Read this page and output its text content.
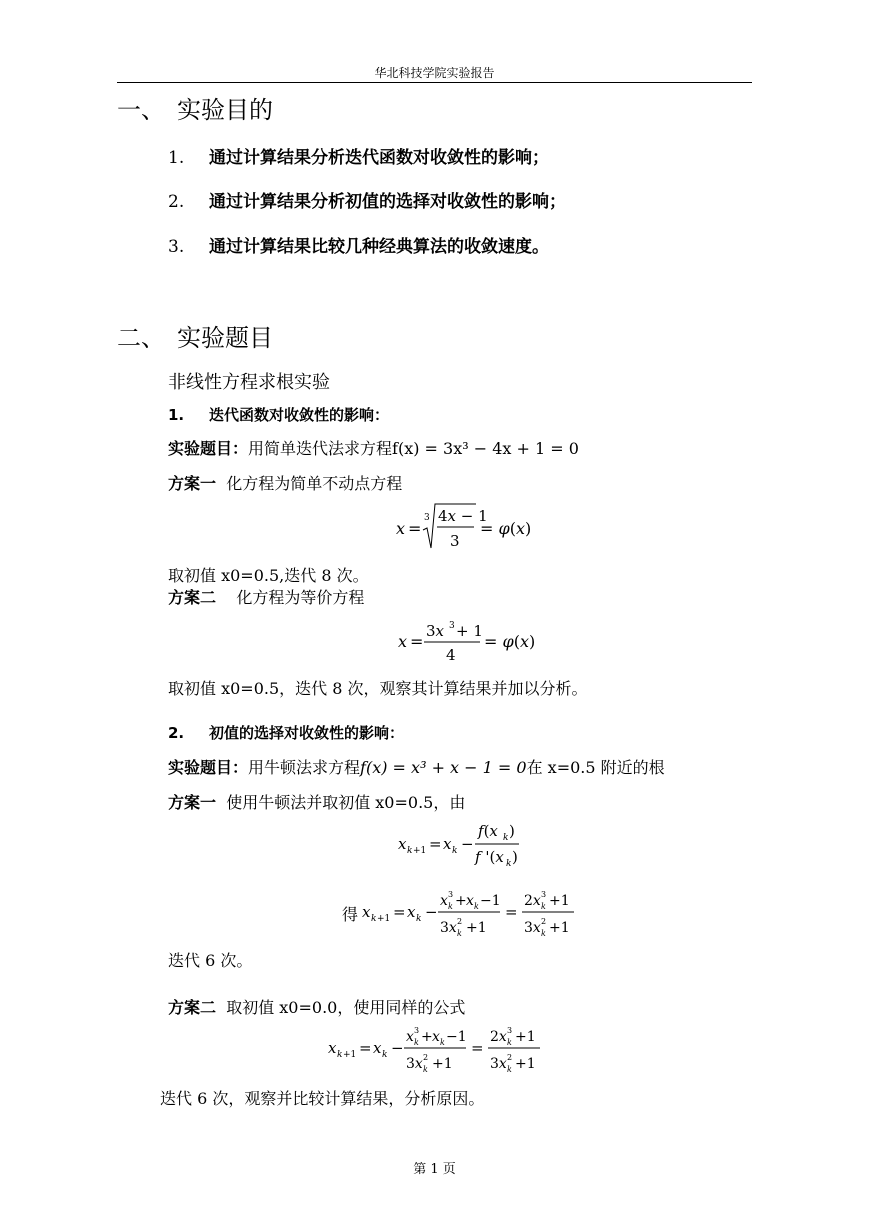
华北科技学院实验报告
一、 实验目的
1. 通过计算结果分析迭代函数对收敛性的影响；
2. 通过计算结果分析初值的选择对收敛性的影响；
3. 通过计算结果比较几种经典算法的收敛速度。
二、 实验题目
非线性方程求根实验
1. 迭代函数对收敛性的影响：
实验题目：用简单迭代法求方程f(x) = 3x³ − 4x + 1 = 0
方案一 化方程为简单不动点方程
x =
3 4x − 1
3
= φ(x)
取初值 x0=0.5,迭代 8 次。
方案二 化方程为等价方程
x =
3x 3 + 1
4
= φ(x)
取初值 x0=0.5，迭代 8 次，观察其计算结果并加以分析。
2. 初值的选择对收敛性的影响：
实验题目：用牛顿法求方程f(x) = x³ + x − 1 = 0在 x=0.5 附近的根
方案一 使用牛顿法并取初值 x0=0.5，由
x k +1 = x k −
f(x k )
f '(x k )
得 x k +1 = x k −
x 3
k + x k −1
3x 2
k +1
=
2x 3
k +1
3x 2
k +1
迭代 6 次。
方案二 取初值 x0=0.0，使用同样的公式
x k +1 = x k −
x 3
k + x k −1
3x 2
k +1
=
2x 3
k +1
3x 2
k +1
迭代 6 次，观察并比较计算结果，分析原因。
第 1 页
